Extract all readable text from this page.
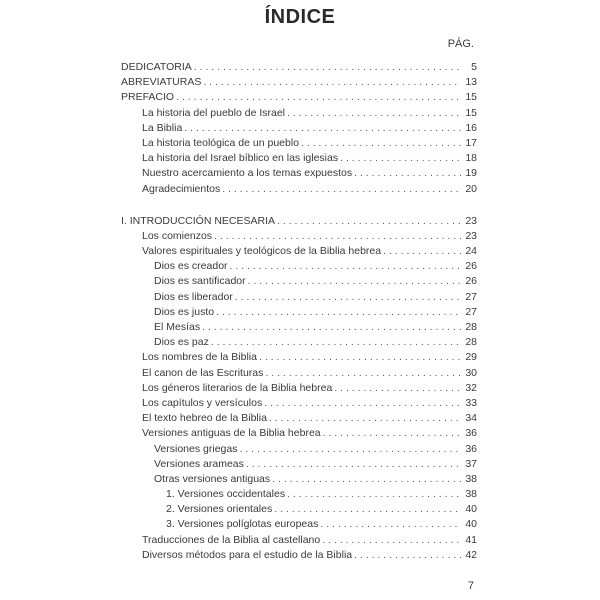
ÍNDICE
PÁG.
DEDICATORIA . . .	5
ABREVIATURAS . . .	13
PREFACIO . . .	15
La historia del pueblo de Israel . . .	15
La Biblia . . .	16
La historia teológica de un pueblo . . .	17
La historia del Israel bíblico en las iglesias . . .	18
Nuestro acercamiento a los temas expuestos . . .	19
Agradecimientos . . .	20
I. INTRODUCCIÓN NECESARIA . . .	23
Los comienzos . . .	23
Valores espirituales y teológicos de la Biblia hebrea . . .	24
Dios es creador . . .	26
Dios es santificador . . .	26
Dios es liberador . . .	27
Dios es justo . . .	27
El Mesías . . .	28
Dios es paz . . .	28
Los nombres de la Biblia . . .	29
El canon de las Escrituras . . .	30
Los géneros literarios de la Biblia hebrea . . .	32
Los capítulos y versículos . . .	33
El texto hebreo de la Biblia . . .	34
Versiones antiguas de la Biblia hebrea . . .	36
Versiones griegas . . .	36
Versiones arameas . . .	37
Otras versiones antiguas . . .	38
1. Versiones occidentales . . .	38
2. Versiones orientales . . .	40
3. Versiones políglotas europeas . . .	40
Traducciones de la Biblia al castellano . . .	41
Diversos métodos para el estudio de la Biblia . . .	42
7
